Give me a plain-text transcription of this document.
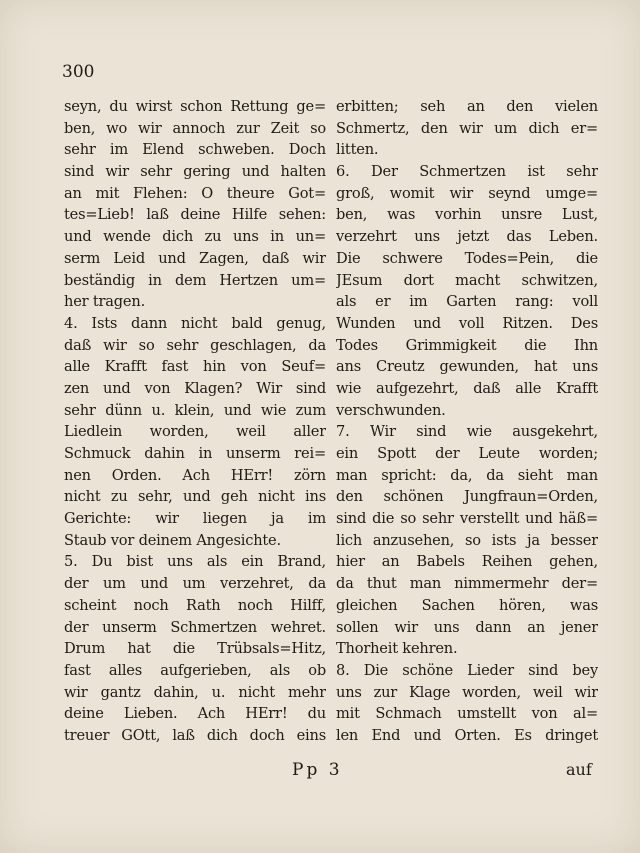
300
seyn, du wirst schon Rettung ge=
ben, wo wir annoch zur Zeit so
sehr im Elend schweben. Doch
sind wir sehr gering und halten
an mit Flehen: O theure Got=
tes=Lieb! laß deine Hilfe sehen:
und wende dich zu uns in un=
serm Leid und Zagen, daß wir
beständig in dem Hertzen um=
her tragen.
4. Ists dann nicht bald genug,
daß wir so sehr geschlagen, da
alle Krafft fast hin von Seuf=
zen und von Klagen? Wir sind
sehr dünn u. klein, und wie zum
Liedlein worden, weil aller
Schmuck dahin in unserm rei=
nen Orden. Ach HErr! zörn
nicht zu sehr, und geh nicht ins
Gerichte: wir liegen ja im
Staub vor deinem Angesichte.
5. Du bist uns als ein Brand,
der um und um verzehret, da
scheint noch Rath noch Hilff,
der unserm Schmertzen wehret.
Drum hat die Trübsals=Hitz,
fast alles aufgerieben, als ob
wir gantz dahin, u. nicht mehr
deine Lieben. Ach HErr! du
treuer GOtt, laß dich doch eins
erbitten; seh an den vielen
Schmertz, den wir um dich er=
litten.
6. Der Schmertzen ist sehr
groß, womit wir seynd umge=
ben, was vorhin unsre Lust,
verzehrt uns jetzt das Leben.
Die schwere Todes=Pein, die
JEsum dort macht schwitzen,
als er im Garten rang: voll
Wunden und voll Ritzen. Des
Todes Grimmigkeit die Ihn
ans Creutz gewunden, hat uns
wie aufgezehrt, daß alle Krafft
verschwunden.
7. Wir sind wie ausgekehrt,
ein Spott der Leute worden;
man spricht: da, da sieht man
den schönen Jungfraun=Orden,
sind die so sehr verstellt und häß=
lich anzusehen, so ists ja besser
hier an Babels Reihen gehen,
da thut man nimmermehr der=
gleichen Sachen hören, was
sollen wir uns dann an jener
Thorheit kehren.
8. Die schöne Lieder sind bey
uns zur Klage worden, weil wir
mit Schmach umstellt von al=
len End und Orten. Es dringet
Pp 3	auf
